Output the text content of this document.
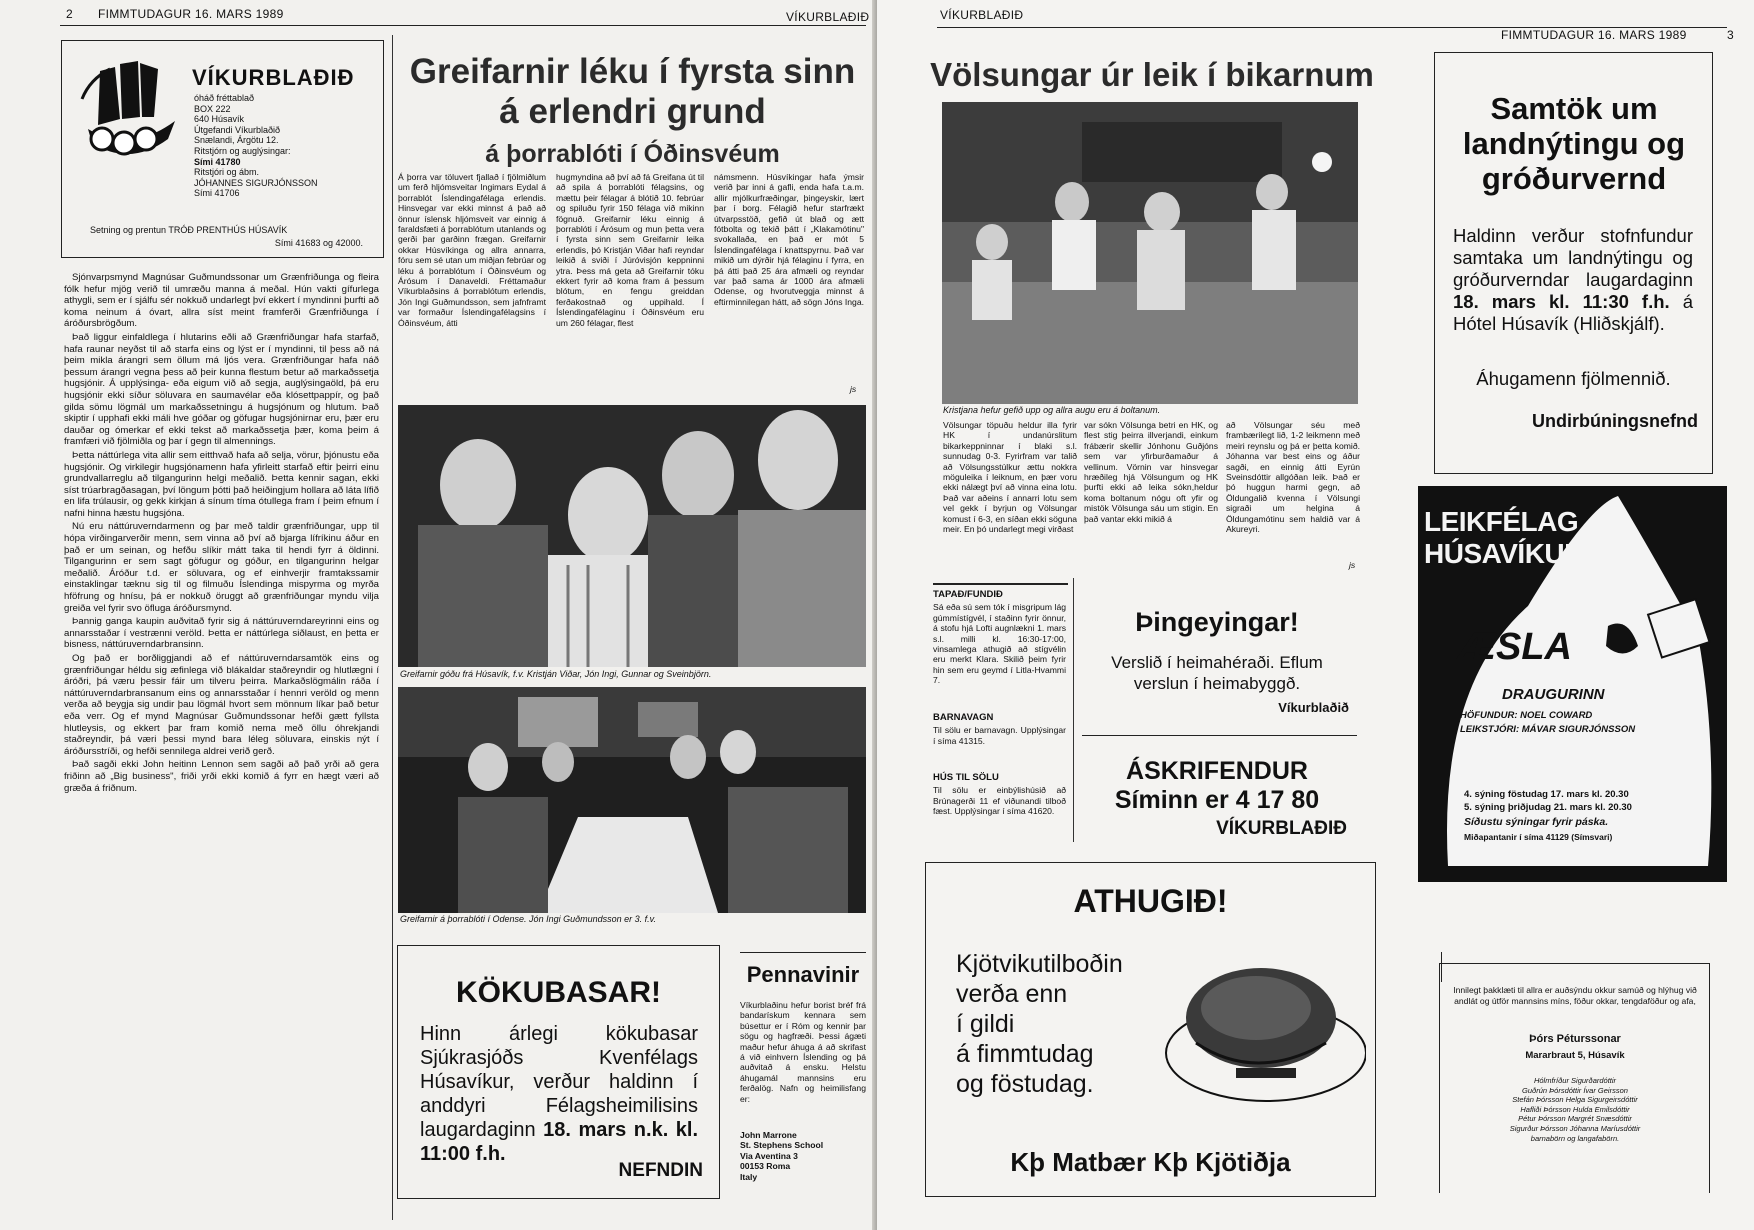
2 FIMMTUDAGUR 16. MARS 1989	VÍKURBLAÐIÐ
VÍKURBLAÐIÐ
óháð fréttablað
BOX 222
640 Húsavík
Útgefandi Víkurblaðið
Snælandi, Árgötu 12.
Ritstjórn og auglýsingar:
Sími 41780
Ritstjóri og ábm.
JÓHANNES SIGURJÓNSSON
Sími 41706
Setning og prentun TRÓÐ PRENTHÚS HÚSAVÍK
Sími 41683 og 42000.

Sjónvarpsmynd Magnúsar Guðmundssonar um Grænfriðunga og fleira fólk hefur mjög verið til umræðu manna á meðal. Hún vakti gífurlega athygli, sem er í sjálfu sér nokkuð undarlegt því ekkert í myndinni þurfti að koma neinum á óvart, allra síst meint framferði Grænfriðunga í áróðursbrögðum.

Það liggur einfaldlega í hlutarins eðli að Grænfriðungar hafa starfað, hafa raunar neyðst til að starfa eins og lýst er í myndinni, til þess að ná þeim mikla árangri sem öllum má ljós vera. Grænfriðungar hafa náð þessum árangri vegna þess að þeir kunna flestum betur að markaðssetja hugsjónir. Á upplýsinga- eða eigum við að segja, auglýsingaöld, þá eru hugsjónir ekki síður söluvara en saumavélar eða klósettpappír, og það gilda sömu lögmál um markaðssetningu á hugsjónum og hlutum. Það skiptir í upphafi ekki máli hve góðar og göfugar hugsjónirnar eru, þær eru dauðar og ómerkar ef ekki tekst að markaðssetja þær, koma þeim á framfæri við fjölmiðla og þar í gegn til almennings.

Þetta náttúrlega vita allir sem eitthvað hafa að selja, vörur, þjónustu eða hugsjónir. Og virkilegir hugsjónamenn hafa yfirleitt starfað eftir þeirri einu grundvallarreglu að tilgangurinn helgi meðalið. Þetta kennir sagan, ekki síst trúarbragðasagan, því löngum þótti það heiðingjum hollara að láta lífið en lifa trúlausir, og gekk kirkjan á sínum tíma ótullega fram í þeim efnum í nafni hinna hæstu hugsjóna.

Nú eru náttúruverndarmenn og þar með taldir grænfriðungar, upp til hópa virðingarverðir menn, sem vinna að því að bjarga lífríkinu áður en það er um seinan, og hefðu slíkir mátt taka til hendi fyrr á öldinni. Tilgangurinn er sem sagt göfugur og góður, en tilgangurinn helgar meðalið. Áróður t.d. er söluvara, og ef einhverjir framtakssamir einstaklingar tæknu sig til og filmuðu Íslendinga mispyrma og myrða hföfrung og hnísu, þá er nokkuð öruggt að grænfriðungar myndu vilja greiða vel fyrir svo öfluga áróðursmynd.

Þannig ganga kaupin auðvitað fyrir sig á náttúruverndareyrinni eins og annarsstaðar í vestrænni veröld. Þetta er náttúrlega siðlaust, en þetta er bisness, náttúruverndarbransinn.

Og það er borðliggjandi að ef náttúruverndarsamtök eins og grænfriðungar héldu sig æfinlega við blákaldar staðreyndir og hlutlægni í áróðri, þá væru þessir fáir um tilveru þeirra. Markaðslögmálin ráða í náttúruverndarbransanum eins og annarsstaðar í hennri veröld og menn verða að beygja sig undir þau lögmál hvort sem mönnum líkar það betur eða verr. Og ef mynd Magnúsar Guðmundssonar hefði gætt fyllsta hlutleysis, og ekkert þar fram komið nema með öllu óhrekjandi staðreyndir, þá væri þessi mynd bara léleg söluvara, einskis nýt í áróðursstríði, og hefði sennilega aldrei verið gerð.

Það sagði ekki John heitinn Lennon sem sagði að það yrði að gera friðinn að „Big business", friði yrði ekki komið á fyrr en hægt væri að græða á friðnum.

Greifarnir léku í fyrsta sinn
á erlendri grund
á þorrablóti í Óðinsvéum
Á þorra var töluvert fjallað í fjölmiðlum um ferð hljómsveitar Ingimars Eydal á þorrablót Íslendingafélaga erlendis. Hinsvegar var ekki minnst á það að önnur íslensk hljómsveit var einnig á faraldsfæti á þorrablótum utanlands og gerði þar garðinn frægan. Greifarnir okkar Húsvíkinga og allra annarra, fóru sem sé utan um miðjan febrúar og léku á þorrablótum í Óðinsvéum og Árósum í Danaveldi. Fréttamaður Víkurblaðsins á þorrablótum erlendis, Jón Ingi Guðmundsson, sem jafnframt var formaður Íslendingafélagsins í Óðinsvéum, átti
hugmyndina að því að fá Greifana út til að spila á þorrablóti félagsins, og mættu þeir félagar á blótið 10. febrúar og spiluðu fyrir 150 félaga við mikinn fögnuð. Greifarnir léku einnig á þorrablóti í Árósum og mun þetta vera í fyrsta sinn sem Greifarnir leika erlendis, þó Kristján Viðar hafi reyndar leikið á sviði í Júróvisjón keppninni ytra. Þess má geta að Greifarnir tóku ekkert fyrir að koma fram á þessum blótum, en fengu greiddan ferðakostnað og uppihald. Í Íslendingafélaginu í Óðinsvéum eru um 260 félagar, flest
námsmenn. Húsvíkingar hafa ýmsir verið þar inni á gafli, enda hafa t.a.m. allir mjólkurfræðingar, þingeyskir, lært þar í borg. Félagið hefur starfrækt útvarpsstöð, gefið út blað og ætt fótbolta og tekið þátt í „Klakamótinu" svokallaða, en það er mót 5 Íslendingafélaga í knattspyrnu. Það var mikið um dýrðir hjá félaginu í fyrra, en þá átti það 25 ára afmæli og reyndar var það sama ár 1000 ára afmæli Odense, og hvorutveggja minnst á eftirminnilegan hátt, að sögn Jóns Inga.
js
Greifarnir góðu frá Húsavík, f.v. Kristján Viðar, Jón Ingi, Gunnar og Sveinbjörn.
Greifarnir á þorrablóti í Odense. Jón Ingi Guðmundsson er 3. f.v.
KÖKUBASAR!
Hinn árlegi kökubasar Sjúkrasjóðs Kvenfélags Húsavíkur, verður haldinn í anddyri Félagsheimilisins laugardaginn 18. mars n.k. kl. 11:00 f.h.
NEFNDIN
Pennavinir
Víkurblaðinu hefur borist bréf frá bandarískum kennara sem búsettur er í Róm og kennir þar sögu og hagfræði. Þessi ágæti maður hefur áhuga á að skrifast á við einhvern Íslending og þá auðvitað á ensku. Helstu áhugamál mannsins eru ferðalög. Nafn og heimilisfang er:
John Marrone
St. Stephens School
Via Aventina 3
00153 Roma
Italy
VÍKURBLAÐIÐ
FIMMTUDAGUR 16. MARS 1989	3
Völsungar úr leik í bikarnum
Kristjana hefur gefið upp og allra augu eru á boltanum.
Völsungar töpuðu heldur illa fyrir HK í undanúrslitum bikarkeppninnar í blaki s.l. sunnudag 0-3. Fyrirfram var talið að Völsungsstúlkur ættu nokkra möguleika í leiknum, en þær voru ekki nálægt því að vinna eina lotu. Það var aðeins í annarri lotu sem vel gekk í byrjun og Völsungar komust í 6-3, en síðan ekki söguna meir. En þó undarlegt megi virðast
var sókn Völsunga betri en HK, og flest stig þeirra illverjandi, einkum frábærir skellir Jónhonu Guðjóns sem var yfirburðamaður á vellinum. Vörnin var hinsvegar hræðileg hjá Völsungum og HK þurfti ekki að leika sókn,heldur koma boltanum nógu oft yfir og mistök Völsunga sáu um stigin. En það vantar ekki mikið á
að Völsungar séu með frambærilegt lið, 1-2 leikmenn með meiri reynslu og þá er þetta komið. Jóhanna var best eins og áður sagði, en einnig átti Eyrún Sveinsdóttir allgóðan leik. Það er þó huggun harmi gegn, að Öldungalið kvenna í Völsungi sigraði um helgina á Öldungamótinu sem haldið var á Akureyri.
js
TAPAÐ/FUNDIÐ
Sá eða sú sem tók í misgripum lág gúmmístígvél, í staðinn fyrir önnur, á stofu hjá Lofti augnlækni 1. mars s.l. milli kl. 16:30-17:00, vinsamlega athugið að stígvélin eru merkt Klara. Skilið þeim fyrir hin sem eru geymd í Litla-Hvammi 7.
BARNAVAGN
Til sölu er barnavagn. Upplýsingar í síma 41315.
HÚS TIL SÖLU
Til sölu er einbýlishúsið að Brúnagerði 11 ef viðunandi tilboð fæst. Upplýsingar í síma 41620.
Þingeyingar!
Verslið í heimahéraði. Eflum verslun í heimabyggð.
Víkurblaðið
ÁSKRIFENDUR
Síminn er 4 17 80
VÍKURBLAÐIÐ
ATHUGIÐ!
Kjötvikutilboðin
verða enn
í gildi
á fimmtudag
og föstudag.
Kþ Matbær Kþ Kjötiðja
Samtök um landnýtingu og gróðurvernd
Haldinn verður stofnfundur samtaka um landnýtingu og gróðurverndar laugardaginn 18. mars kl. 11:30 f.h. á Hótel Húsavík (Hliðskjálf).
Áhugamenn fjölmennið.
Undirbúningsnefnd
LEIKFÉLAG
HÚSAVÍKUR
ÆSLA
DRAUGURINN
HÖFUNDUR: NOEL COWARD
LEIKSTJÓRI: MÁVAR SIGURJÓNSSON
4. sýning föstudag 17. mars kl. 20.30
5. sýning þriðjudag 21. mars kl. 20.30
Síðustu sýningar fyrir páska.
Miðapantanir í síma 41129 (Símsvari)
Innilegt þakklæti til allra er auðsýndu okkur samúð og hlýhug við andlát og útför mannsins míns, föður okkar, tengdaföður og afa,
Þórs Péturssonar
Mararbraut 5, Húsavík
Hólmfríður Sigurðardóttir
Guðrún Þórsdóttir Ívar Geirsson
Stefán Þórsson Helga Sigurgeirsdóttir
Hafliði Þórsson Hulda Emilsdóttir
Pétur Þórsson Margrét Snæsdóttir
Sigurður Þórsson Jóhanna Maríusdóttir
barnabörn og langafabörn.
